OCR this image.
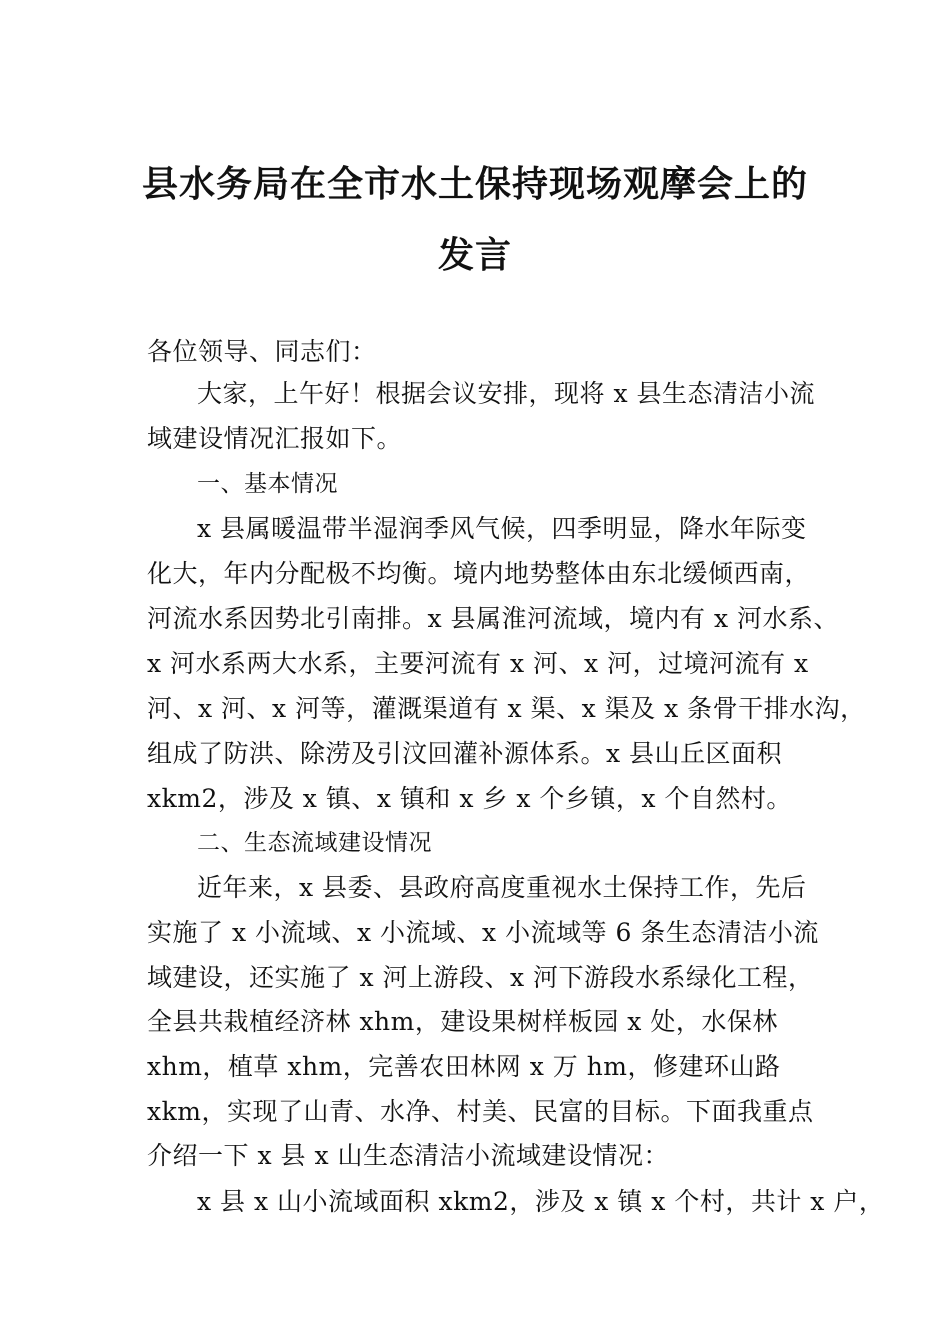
县水务局在全市水土保持现场观摩会上的
发言
各位领导、同志们：
大家，上午好！根据会议安排，现将 x 县生态清洁小流
域建设情况汇报如下。
一、基本情况
x 县属暖温带半湿润季风气候，四季明显，降水年际变
化大，年内分配极不均衡。境内地势整体由东北缓倾西南，
河流水系因势北引南排。x 县属淮河流域，境内有 x 河水系、
x 河水系两大水系，主要河流有 x 河、x 河，过境河流有 x
河、x 河、x 河等，灌溉渠道有 x 渠、x 渠及 x 条骨干排水沟，
组成了防洪、除涝及引汶回灌补源体系。x 县山丘区面积
xkm2，涉及 x 镇、x 镇和 x 乡 x 个乡镇，x 个自然村。
二、生态流域建设情况
近年来，x 县委、县政府高度重视水土保持工作，先后
实施了 x 小流域、x 小流域、x 小流域等 6 条生态清洁小流
域建设，还实施了 x 河上游段、x 河下游段水系绿化工程，
全县共栽植经济林 xhm，建设果树样板园 x 处，水保林
xhm，植草 xhm，完善农田林网 x 万 hm，修建环山路
xkm，实现了山青、水净、村美、民富的目标。下面我重点
介绍一下 x 县 x 山生态清洁小流域建设情况：
x 县 x 山小流域面积 xkm2，涉及 x 镇 x 个村，共计 x 户，
